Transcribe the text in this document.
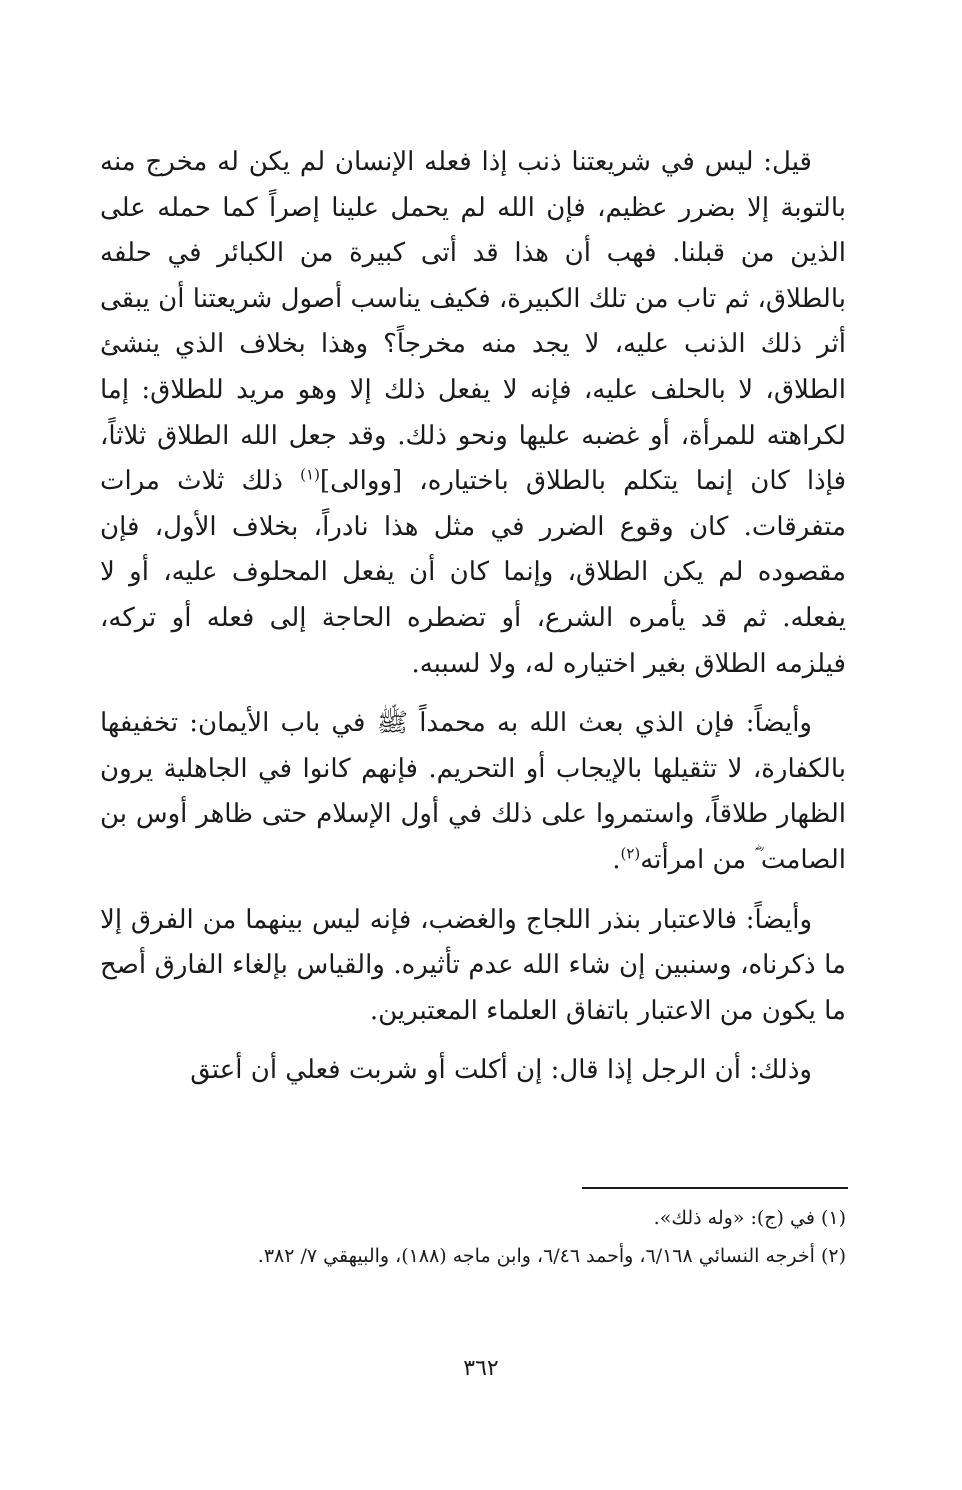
قيل: ليس في شريعتنا ذنب إذا فعله الإنسان لم يكن له مخرج منه بالتوبة إلا بضرر عظيم، فإن الله لم يحمل علينا إصراً كما حمله على الذين من قبلنا. فهب أن هذا قد أتى كبيرة من الكبائر في حلفه بالطلاق، ثم تاب من تلك الكبيرة، فكيف يناسب أصول شريعتنا أن يبقى أثر ذلك الذنب عليه، لا يجد منه مخرجاً؟ وهذا بخلاف الذي ينشئ الطلاق، لا بالحلف عليه، فإنه لا يفعل ذلك إلا وهو مريد للطلاق: إما لكراهته للمرأة، أو غضبه عليها ونحو ذلك. وقد جعل الله الطلاق ثلاثاً، فإذا كان إنما يتكلم بالطلاق باختياره، [ووالى]$^{(١)}$ ذلك ثلاث مرات متفرقات. كان وقوع الضرر في مثل هذا نادراً، بخلاف الأول، فإن مقصوده لم يكن الطلاق، وإنما كان أن يفعل المحلوف عليه، أو لا يفعله. ثم قد يأمره الشرع، أو تضطره الحاجة إلى فعله أو تركه، فيلزمه الطلاق بغير اختياره له، ولا لسببه.

وأيضاً: فإن الذي بعث الله به محمداً ﷺ في باب الأيمان: تخفيفها بالكفارة، لا تثقيلها بالإيجاب أو التحريم. فإنهم كانوا في الجاهلية يرون الظهار طلاقاً، واستمروا على ذلك في أول الإسلام حتى ظاهر أوس بن الصامت ؓ من امرأته$^{(٢)}$.

وأيضاً: فالاعتبار بنذر اللجاج والغضب، فإنه ليس بينهما من الفرق إلا ما ذكرناه، وسنبين إن شاء الله عدم تأثيره. والقياس بإلغاء الفارق أصح ما يكون من الاعتبار باتفاق العلماء المعتبرين.

وذلك: أن الرجل إذا قال: إن أكلت أو شربت فعلي أن أعتق

(١) في (ج): «وله ذلك».

(٢) أخرجه النسائي ٦/١٦٨، وأحمد ٦/٤٦، وابن ماجه (١٨٨)، والبيهقي ٧/ ٣٨٢.

٣٦٢
